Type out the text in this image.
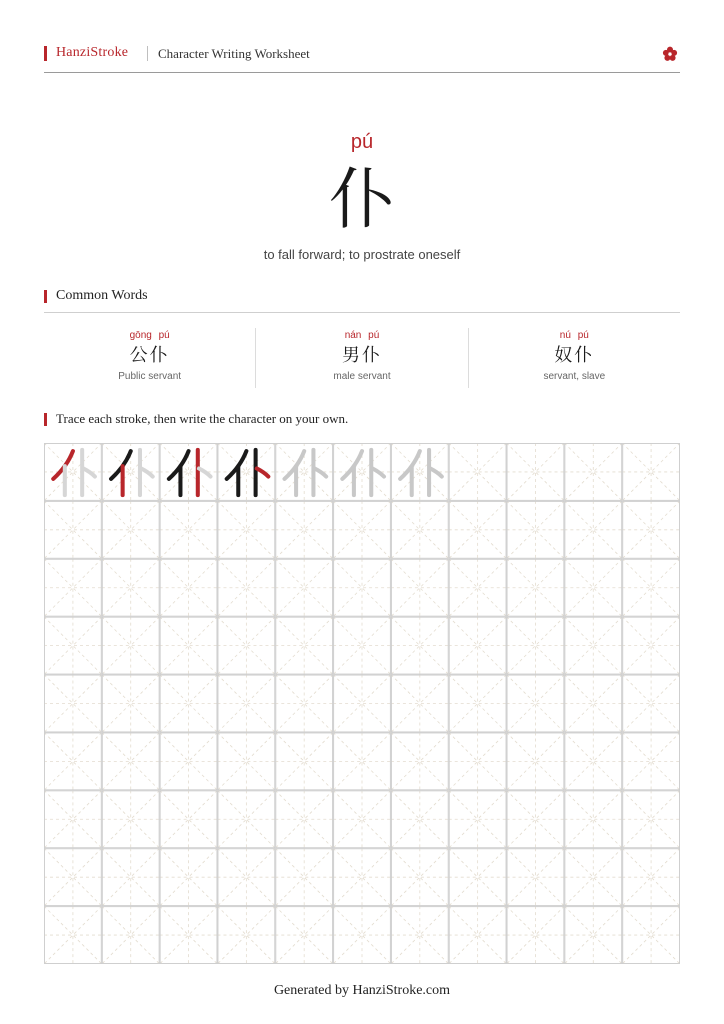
HanziStroke Character Writing Worksheet
pú
仆
to fall forward; to prostrate oneself
Common Words
gōng pú
公仆
Public servant
nán pú
男仆
male servant
nú pú
奴仆
servant, slave
Trace each stroke, then write the character on your own.
Generated by HanziStroke.com
